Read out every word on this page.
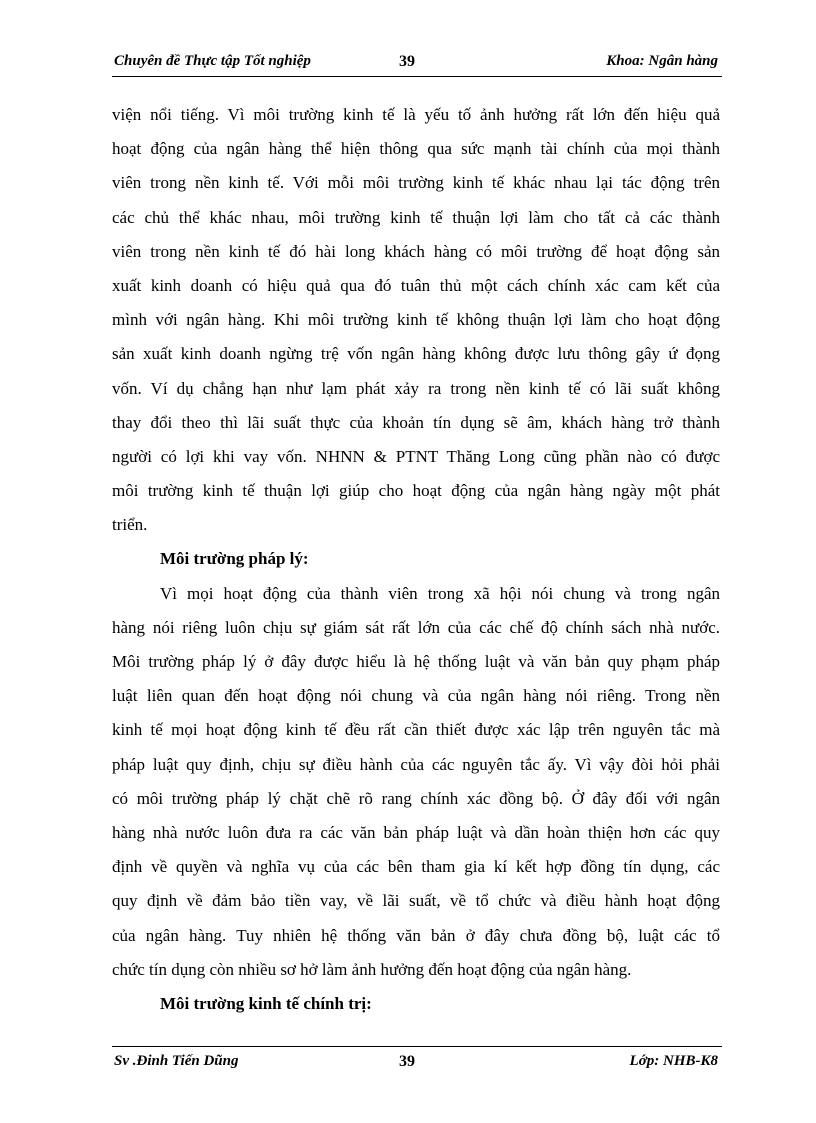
Chuyên đề Thực tập Tốt nghiệp	39	Khoa: Ngân hàng
viện nổi tiếng. Vì môi trường kinh tế là yếu tố ảnh hưởng rất lớn đến hiệu quả
hoạt động của ngân hàng thể hiện thông qua sức mạnh tài chính của mọi thành
viên trong nền kinh tế. Với mỗi môi trường kinh tế khác nhau lại tác động trên
các chủ thể khác nhau, môi trường kinh tế thuận lợi làm cho tất cả các thành
viên trong nền kinh tế đó hài long khách hàng có môi trường để hoạt động sản
xuất kinh doanh có hiệu quả qua đó tuân thủ một cách chính xác cam kết của
mình với ngân hàng. Khi môi trường kinh tế không thuận lợi làm cho hoạt động
sản xuất kinh doanh ngừng trệ vốn ngân hàng không được lưu thông gây ứ đọng
vốn. Ví dụ chẳng hạn như lạm phát xảy ra trong nền kinh tế có lãi suất không
thay đổi theo thì lãi suất thực của khoản tín dụng sẽ âm, khách hàng trở thành
người có lợi khi vay vốn. NHNN & PTNT Thăng Long cũng phần nào có được
môi trường kinh tế thuận lợi giúp cho hoạt động của ngân hàng ngày một phát
triển.
Môi trường pháp lý:
Vì mọi hoạt động của thành viên trong xã hội nói chung và trong ngân
hàng nói riêng luôn chịu sự giám sát rất lớn của các chế độ chính sách nhà nước.
Môi trường pháp lý ở đây được hiểu là hệ thống luật và văn bản quy phạm pháp
luật liên quan đến hoạt động nói chung và của ngân hàng nói riêng. Trong nền
kinh tế mọi hoạt động kinh tế đều rất cần thiết được xác lập trên nguyên tắc mà
pháp luật quy định, chịu sự điều hành của các nguyên tắc ấy. Vì vậy đòi hỏi phải
có môi trường pháp lý chặt chẽ rõ rang chính xác đồng bộ. Ở đây đối với ngân
hàng nhà nước luôn đưa ra các văn bản pháp luật và dần hoàn thiện hơn các quy
định về quyền và nghĩa vụ của các bên tham gia kí kết hợp đồng tín dụng, các
quy định về đảm bảo tiền vay, về lãi suất, về tổ chức và điều hành hoạt động
của ngân hàng. Tuy nhiên hệ thống văn bản ở đây chưa đồng bộ, luật các tổ
chức tín dụng còn nhiều sơ hở làm ảnh hưởng đến hoạt động của ngân hàng.
Môi trường kinh tế chính trị:
Sv .Đinh Tiến Dũng	39	Lớp: NHB-K8
